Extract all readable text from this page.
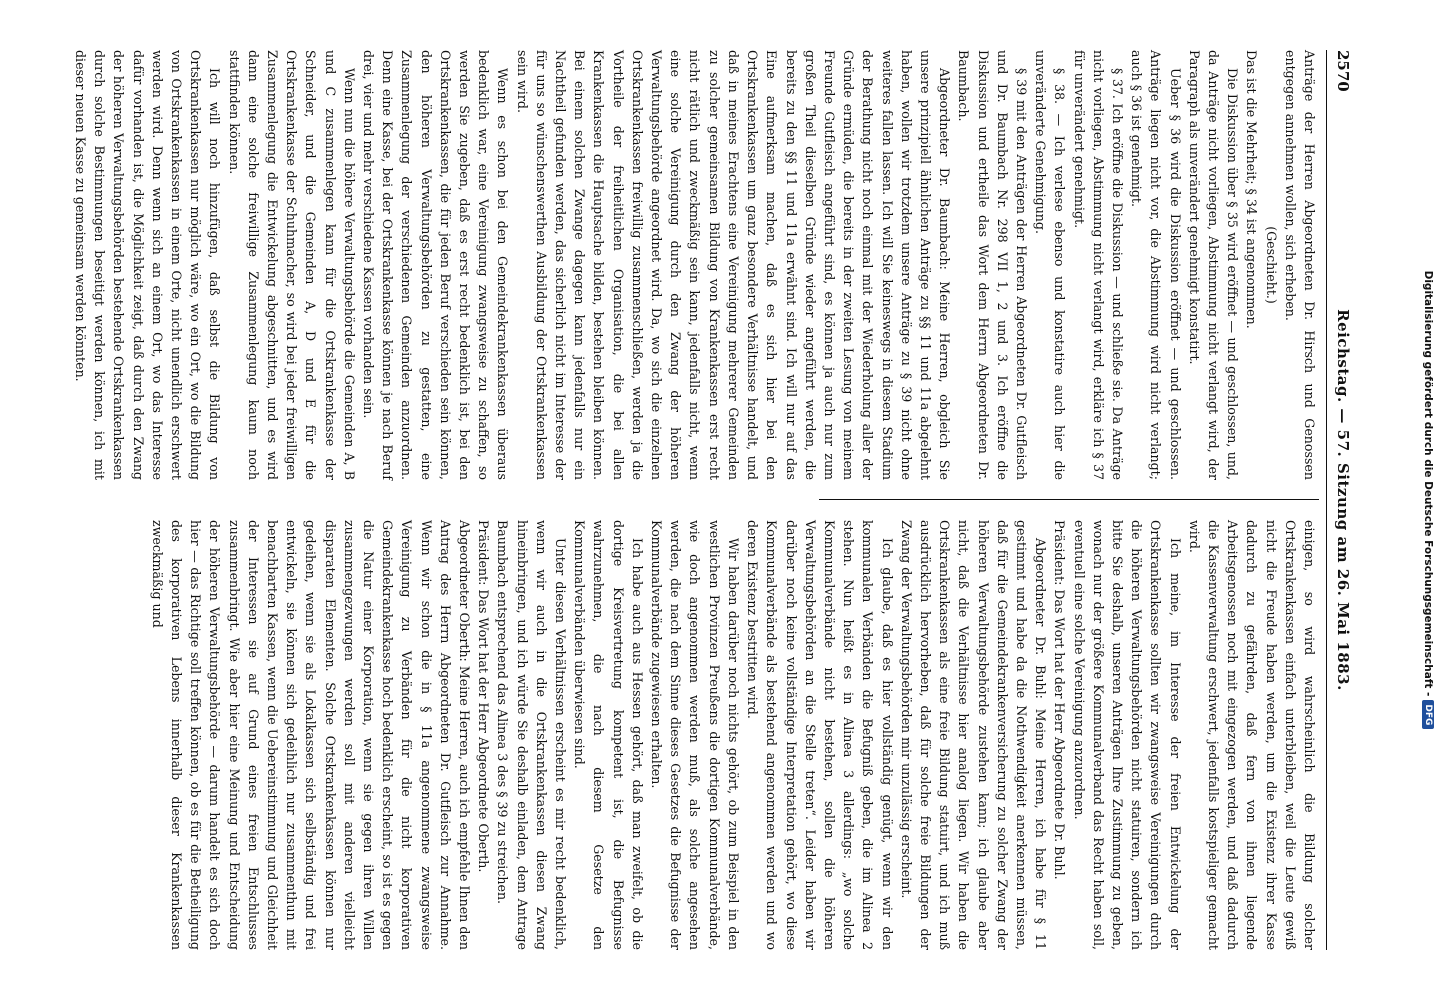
2570
Reichstag. — 57. Sitzung am 26. Mai 1883.

Anträge der Herren Abgeordneten Dr. Hirsch und Genossen entgegen annehmen wollen, sich erheben.

(Geschieht.)

Das ist die Mehrheit; § 34 ist angenommen.

Die Diskussion über § 35 wird eröffnet — und geschlossen, und, da Anträge nicht vorliegen, Abstimmung nicht verlangt wird, der Paragraph als unverändert genehmigt konstatirt.

Ueber § 36 wird die Diskussion eröffnet — und geschlossen. Anträge liegen nicht vor, die Abstimmung wird nicht verlangt; auch § 36 ist genehmigt.

§ 37. Ich eröffne die Diskussion — und schließe sie. Da Anträge nicht vorliegen, Abstimmung nicht verlangt wird, erkläre ich § 37 für unverändert genehmigt.

§ 38. — Ich verlese ebenso und konstatire auch hier die unveränderte Genehmigung.

§ 39 mit den Anträgen der Herren Abgeordneten Dr. Gutfleisch und Dr. Baumbach Nr. 298 VII 1, 2 und 3. Ich eröffne die Diskussion und ertheile das Wort dem Herrn Abgeordneten Dr. Baumbach.

Abgeordneter Dr. Baumbach: Meine Herren, obgleich Sie unsere prinzipiell ähnlichen Anträge zu §§ 11 und 11a abgelehnt haben, wollen wir trotzdem unsere Anträge zu § 39 nicht ohne weiteres fallen lassen. Ich will Sie keineswegs in diesem Stadium der Berathung nicht noch einmal mit der Wiederholung aller der Gründe ermüden, die bereits in der zweiten Lesung von meinem Freunde Gutfleisch angeführt sind, es können ja auch nur zum großen Theil dieselben Gründe wieder angeführt werden, die bereits zu den §§ 11 und 11a erwähnt sind. Ich will nur auf das Eine aufmerksam machen, daß es sich hier bei den Ortskrankenkassen um ganz besondere Verhältnisse handelt, und daß in meines Erachtens eine Vereinigung mehrerer Gemeinden zu solcher gemeinsamen Bildung von Krankenkassen erst recht nicht rätlich und zweckmäßig sein kann, jedenfalls nicht, wenn eine solche Vereinigung durch den Zwang der höheren Verwaltungsbehörde angeordnet wird. Da, wo sich die einzelnen Ortskrankenkassen freiwillig zusammenschließen, werden ja die Vortheile der freiheitlichen Organisation, die bei allen Krankenkassen die Hauptsache bilden, bestehen bleiben können. Bei einem solchen Zwange dagegen kann jedenfalls nur ein Nachtheil gefunden werden, das sicherlich nicht im Interesse der für uns so wünschenswerthen Ausbildung der Ortskrankenkassen sein wird.

Wenn es schon bei den Gemeindekrankenkassen überaus bedenklich war, eine Vereinigung zwangsweise zu schaffen, so werden Sie zugeben, daß es erst recht bedenklich ist, bei den Ortskrankenkassen, die für jeden Beruf verschieden sein können, den höheren Verwaltungsbehörden zu gestatten, eine Zusammenlegung der verschiedenen Gemeinden anzuordnen. Denn eine Kasse, bei der Ortskrankenkasse können je nach Beruf drei, vier und mehr verschiedene Kassen vorhanden sein.

Wenn nun die höhere Verwaltungsbehörde die Gemeinden A, B und C zusammenlegen kann für die Ortskrankenkasse der Schneider, und die Gemeinden A, D und E für die Ortskrankenkasse der Schuhmacher, so wird bei jeder freiwilligen Zusammenlegung die Entwickelung abgeschnitten, und es wird dann eine solche freiwillige Zusammenlegung kaum noch stattfinden können.

Ich will noch hinzufügen, daß selbst die Bildung von Ortskrankenkassen nur möglich wäre, wo ein Ort, wo die Bildung von Ortskrankenkassen in einem Orte, nicht unendlich erschwert werden wird. Denn wenn sich an einem Ort, wo das Interesse dafür vorhanden ist, die Möglichkeit zeigt, daß durch den Zwang der höheren Verwaltungsbehörden bestehende Ortskrankenkassen durch solche Bestimmungen beseitigt werden können, ich mit dieser neuen Kasse zu gemeinsam werden könnten.

einigen, so wird wahrscheinlich die Bildung solcher Ortskrankenkassen einfach unterbleiben, weil die Leute gewiß nicht die Freude haben werden, um die Existenz ihrer Kasse dadurch zu gefährden, daß fern von ihnen liegende Arbeitsgenossen noch mit eingezogen werden, und daß dadurch die Kassenverwaltung erschwert, jedenfalls kostspieliger gemacht wird.

Ich meine, im Interesse der freien Entwickelung der Ortskrankenkasse sollten wir zwangsweise Vereinigungen durch die höheren Verwaltungsbehörden nicht statuiren, sondern ich bitte Sie deshalb, unseren Anträgen Ihre Zustimmung zu geben, wonach nur der größere Kommunalverband das Recht haben soll, eventuell eine solche Vereinigung anzuordnen.

Präsident: Das Wort hat der Herr Abgeordnete Dr. Buhl.

Abgeordneter Dr. Buhl: Meine Herren, ich habe für § 11 gestimmt und habe da die Nothwendigkeit anerkennen müssen, daß für die Gemeindekrankenversicherung zu solcher Zwang der höheren Verwaltungsbehörde zustehen kann; ich glaube aber nicht, daß die Verhältnisse hier analog liegen. Wir haben die Ortskrankenkassen als eine freie Bildung statuirt, und ich muß ausdrücklich hervorheben, daß für solche freie Bildungen der Zwang der Verwaltungsbehörden mir unzulässig erscheint.

Ich glaube, daß es hier vollständig genügt, wenn wir den kommunalen Verbänden die Befugniß geben, die im Alinea 2 stehen. Nun heißt es in Alinea 3 allerdings: „wo solche Kommunalverbände nicht bestehen, sollen die höheren Verwaltungsbehörden an die Stelle treten“. Leider haben wir darüber noch keine vollständige Interpretation gehört, wo diese Kommunalverbände als bestehend angenommen werden und wo deren Existenz bestritten wird.

Wir haben darüber noch nichts gehört, ob zum Beispiel in den westlichen Provinzen Preußens die dortigen Kommunalverbände, wie doch angenommen werden muß, als solche angesehen werden, die nach dem Sinne dieses Gesetzes die Befugnisse der Kommunalverbände zugewiesen erhalten.

Ich habe auch aus Hessen gehört, daß man zweifelt, ob die dortige Kreisvertretung kompetent ist, die Befugnisse wahrzunehmen, die nach diesem Gesetze den Kommunalverbänden überwiesen sind.

Unter diesen Verhältnissen erscheint es mir recht bedenklich, wenn wir auch in die Ortskrankenkassen diesen Zwang hineinbringen, und ich würde Sie deshalb einladen, dem Antrage Baumbach entsprechend das Alinea 3 des § 39 zu streichen.

Präsident: Das Wort hat der Herr Abgeordnete Oberth.

Abgeordneter Oberth: Meine Herren, auch ich empfehle Ihnen den Antrag des Herrn Abgeordneten Dr. Gutfleisch zur Annahme. Wenn wir schon die in § 11a angenommene zwangsweise Vereinigung zu Verbänden für die nicht korporativen Gemeindekrankenkasse hoch bedenklich erscheint, so ist es gegen die Natur einer Korporation, wenn sie gegen ihren Willen zusammengezwungen werden soll mit anderen vielleicht disparaten Elementen. Solche Ortskrankenkassen können nur gedeihen, wenn sie als Lokalkassen sich selbständig und frei entwickeln, sie können sich gedeihlich nur zusammenthun mit benachbarten Kassen, wenn die Uebereinstimmung und Gleichheit der Interessen sie auf Grund eines freien Entschlusses zusammenbringt. Wie aber hier eine Meinung und Entscheidung der höheren Verwaltungsbehörde — darum handelt es sich doch hier — das Richtige soll treffen können, ob es für die Betheiligung des korporativen Lebens innerhalb dieser Krankenkassen zweckmäßig und	Digitalisierung gefördert durch die Deutsche Forschungsgemeinschaft -
DFG
